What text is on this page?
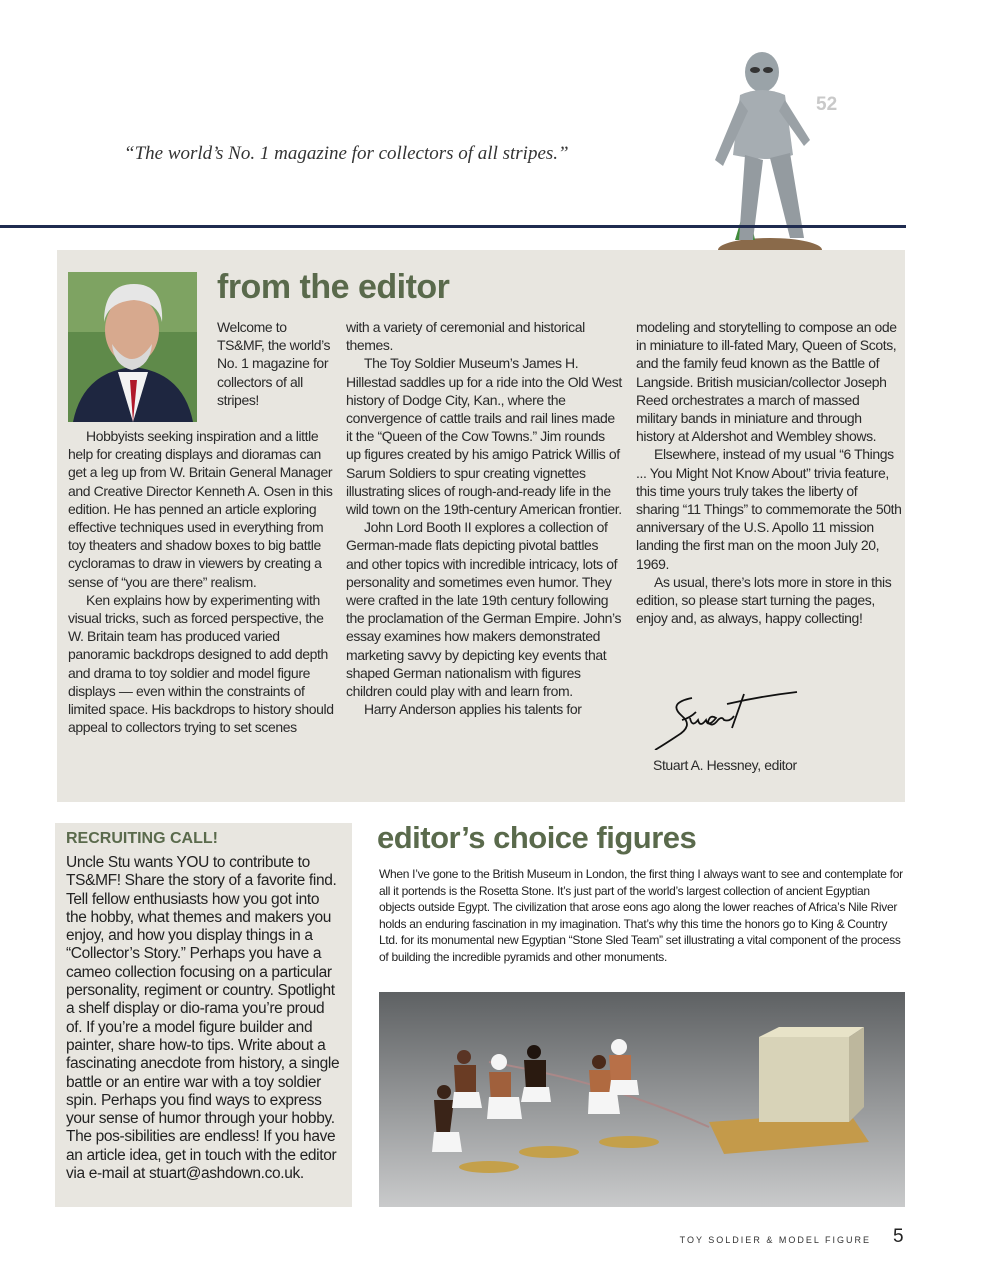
“The world’s No. 1 magazine for collectors of all stripes.”
52
from the editor

Welcome to TS&MF, the world’s No. 1 magazine for collectors of all stripes!

Hobbyists seeking inspiration and a little help for creating displays and dioramas can get a leg up from W. Britain General Manager and Creative Director Kenneth A. Osen in this edition. He has penned an article exploring effective techniques used in everything from toy theaters and shadow boxes to big battle cycloramas to draw in viewers by creating a sense of “you are there” realism.

Ken explains how by experimenting with visual tricks, such as forced perspective, the W. Britain team has produced varied panoramic backdrops designed to add depth and drama to toy soldier and model figure displays — even within the constraints of limited space. His backdrops to history should appeal to collectors trying to set scenes

with a variety of ceremonial and historical themes.

The Toy Soldier Museum’s James H. Hillestad saddles up for a ride into the Old West history of Dodge City, Kan., where the convergence of cattle trails and rail lines made it the “Queen of the Cow Towns.” Jim rounds up figures created by his amigo Patrick Willis of Sarum Soldiers to spur creating vignettes illustrating slices of rough-and-ready life in the wild town on the 19th-century American frontier.

John Lord Booth II explores a collection of German-made flats depicting pivotal battles and other topics with incredible intricacy, lots of personality and sometimes even humor. They were crafted in the late 19th century following the proclamation of the German Empire. John’s essay examines how makers demonstrated marketing savvy by depicting key events that shaped German nationalism with figures children could play with and learn from.

Harry Anderson applies his talents for

modeling and storytelling to compose an ode in miniature to ill-fated Mary, Queen of Scots, and the family feud known as the Battle of Langside. British musician/collector Joseph Reed orchestrates a march of massed military bands in miniature and through history at Aldershot and Wembley shows.

Elsewhere, instead of my usual “6 Things ... You Might Not Know About” trivia feature, this time yours truly takes the liberty of sharing “11 Things” to commemorate the 50th anniversary of the U.S. Apollo 11 mission landing the first man on the moon July 20, 1969.

As usual, there’s lots more in store in this edition, so please start turning the pages, enjoy and, as always, happy collecting!

Stuart A. Hessney, editor
RECRUITING CALL!

Uncle Stu wants YOU to contribute to TS&MF! Share the story of a favorite find. Tell fellow enthusiasts how you got into the hobby, what themes and makers you enjoy, and how you display things in a “Collector’s Story.” Perhaps you have a cameo collection focusing on a particular personality, regiment or country. Spotlight a shelf display or dio-rama you’re proud of. If you’re a model figure builder and painter, share how-to tips. Write about a fascinating anecdote from history, a single battle or an entire war with a toy soldier spin. Perhaps you find ways to express your sense of humor through your hobby. The pos-sibilities are endless! If you have an article idea, get in touch with the editor via e-mail at stuart@ashdown.co.uk.

editor’s choice figures
When I’ve gone to the British Museum in London, the first thing I always want to see and contemplate for all it portends is the Rosetta Stone. It’s just part of the world’s largest collection of ancient Egyptian objects outside Egypt. The civilization that arose eons ago along the lower reaches of Africa’s Nile River holds an enduring fascination in my imagination. That’s why this time the honors go to King & Country Ltd. for its monumental new Egyptian “Stone Sled Team” set illustrating a vital component of the process of building the incredible pyramids and other monuments.
TOY SOLDIER & MODEL FIGURE 5
